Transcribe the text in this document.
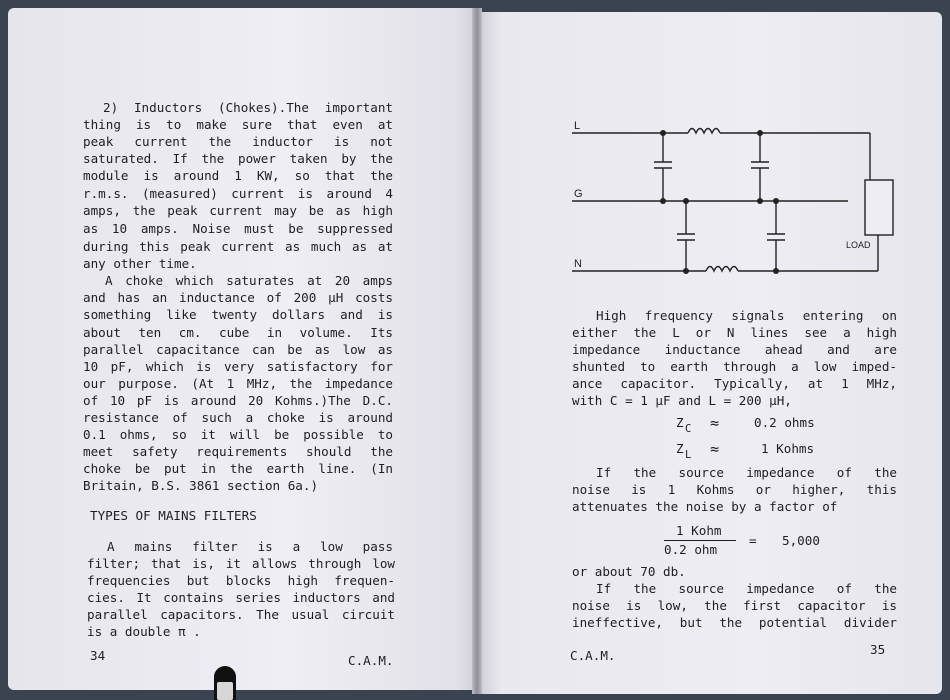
2) Inductors (Chokes).The important
thing is to make sure that even at
peak current the inductor is not
saturated. If the power taken by the
module is around 1 KW, so that the
r.m.s. (measured) current is around 4
amps, the peak current may be as high
as 10 amps. Noise must be suppressed
during this peak current as much as at
any other time.
A choke which saturates at 20 amps
and has an inductance of 200 µH costs
something like twenty dollars and is
about ten cm. cube in volume. Its
parallel capacitance can be as low as
10 pF, which is very satisfactory for
our purpose. (At 1 MHz, the impedance
of 10 pF is around 20 Kohms.)The D.C.
resistance of such a choke is around
0.1 ohms, so it will be possible to
meet safety requirements should the
choke be put in the earth line. (In
Britain, B.S. 3861 section 6a.)
TYPES OF MAINS FILTERS
A mains filter is a low pass
filter; that is, it allows through low
frequencies but blocks high frequen-
cies. It contains series inductors and
parallel capacitors. The usual circuit
is a double π .
34	C.A.M.
L
G
N
LOAD
High frequency signals entering on
either the L or N lines see a high
impedance inductance ahead and are
shunted to earth through a low imped-
ance capacitor. Typically, at 1 MHz,
with C = 1 µF and L = 200 µH,
Z C ≈	0.2 ohms
Z L ≈	1 Kohms
If the source impedance of the
noise is 1 Kohms or higher, this
attenuates the noise by a factor of
1 Kohm
0.2 ohm
= 5,000
or about 70 db.
If the source impedance of the
noise is low, the first capacitor is
ineffective, but the potential divider
C.A.M.	35
